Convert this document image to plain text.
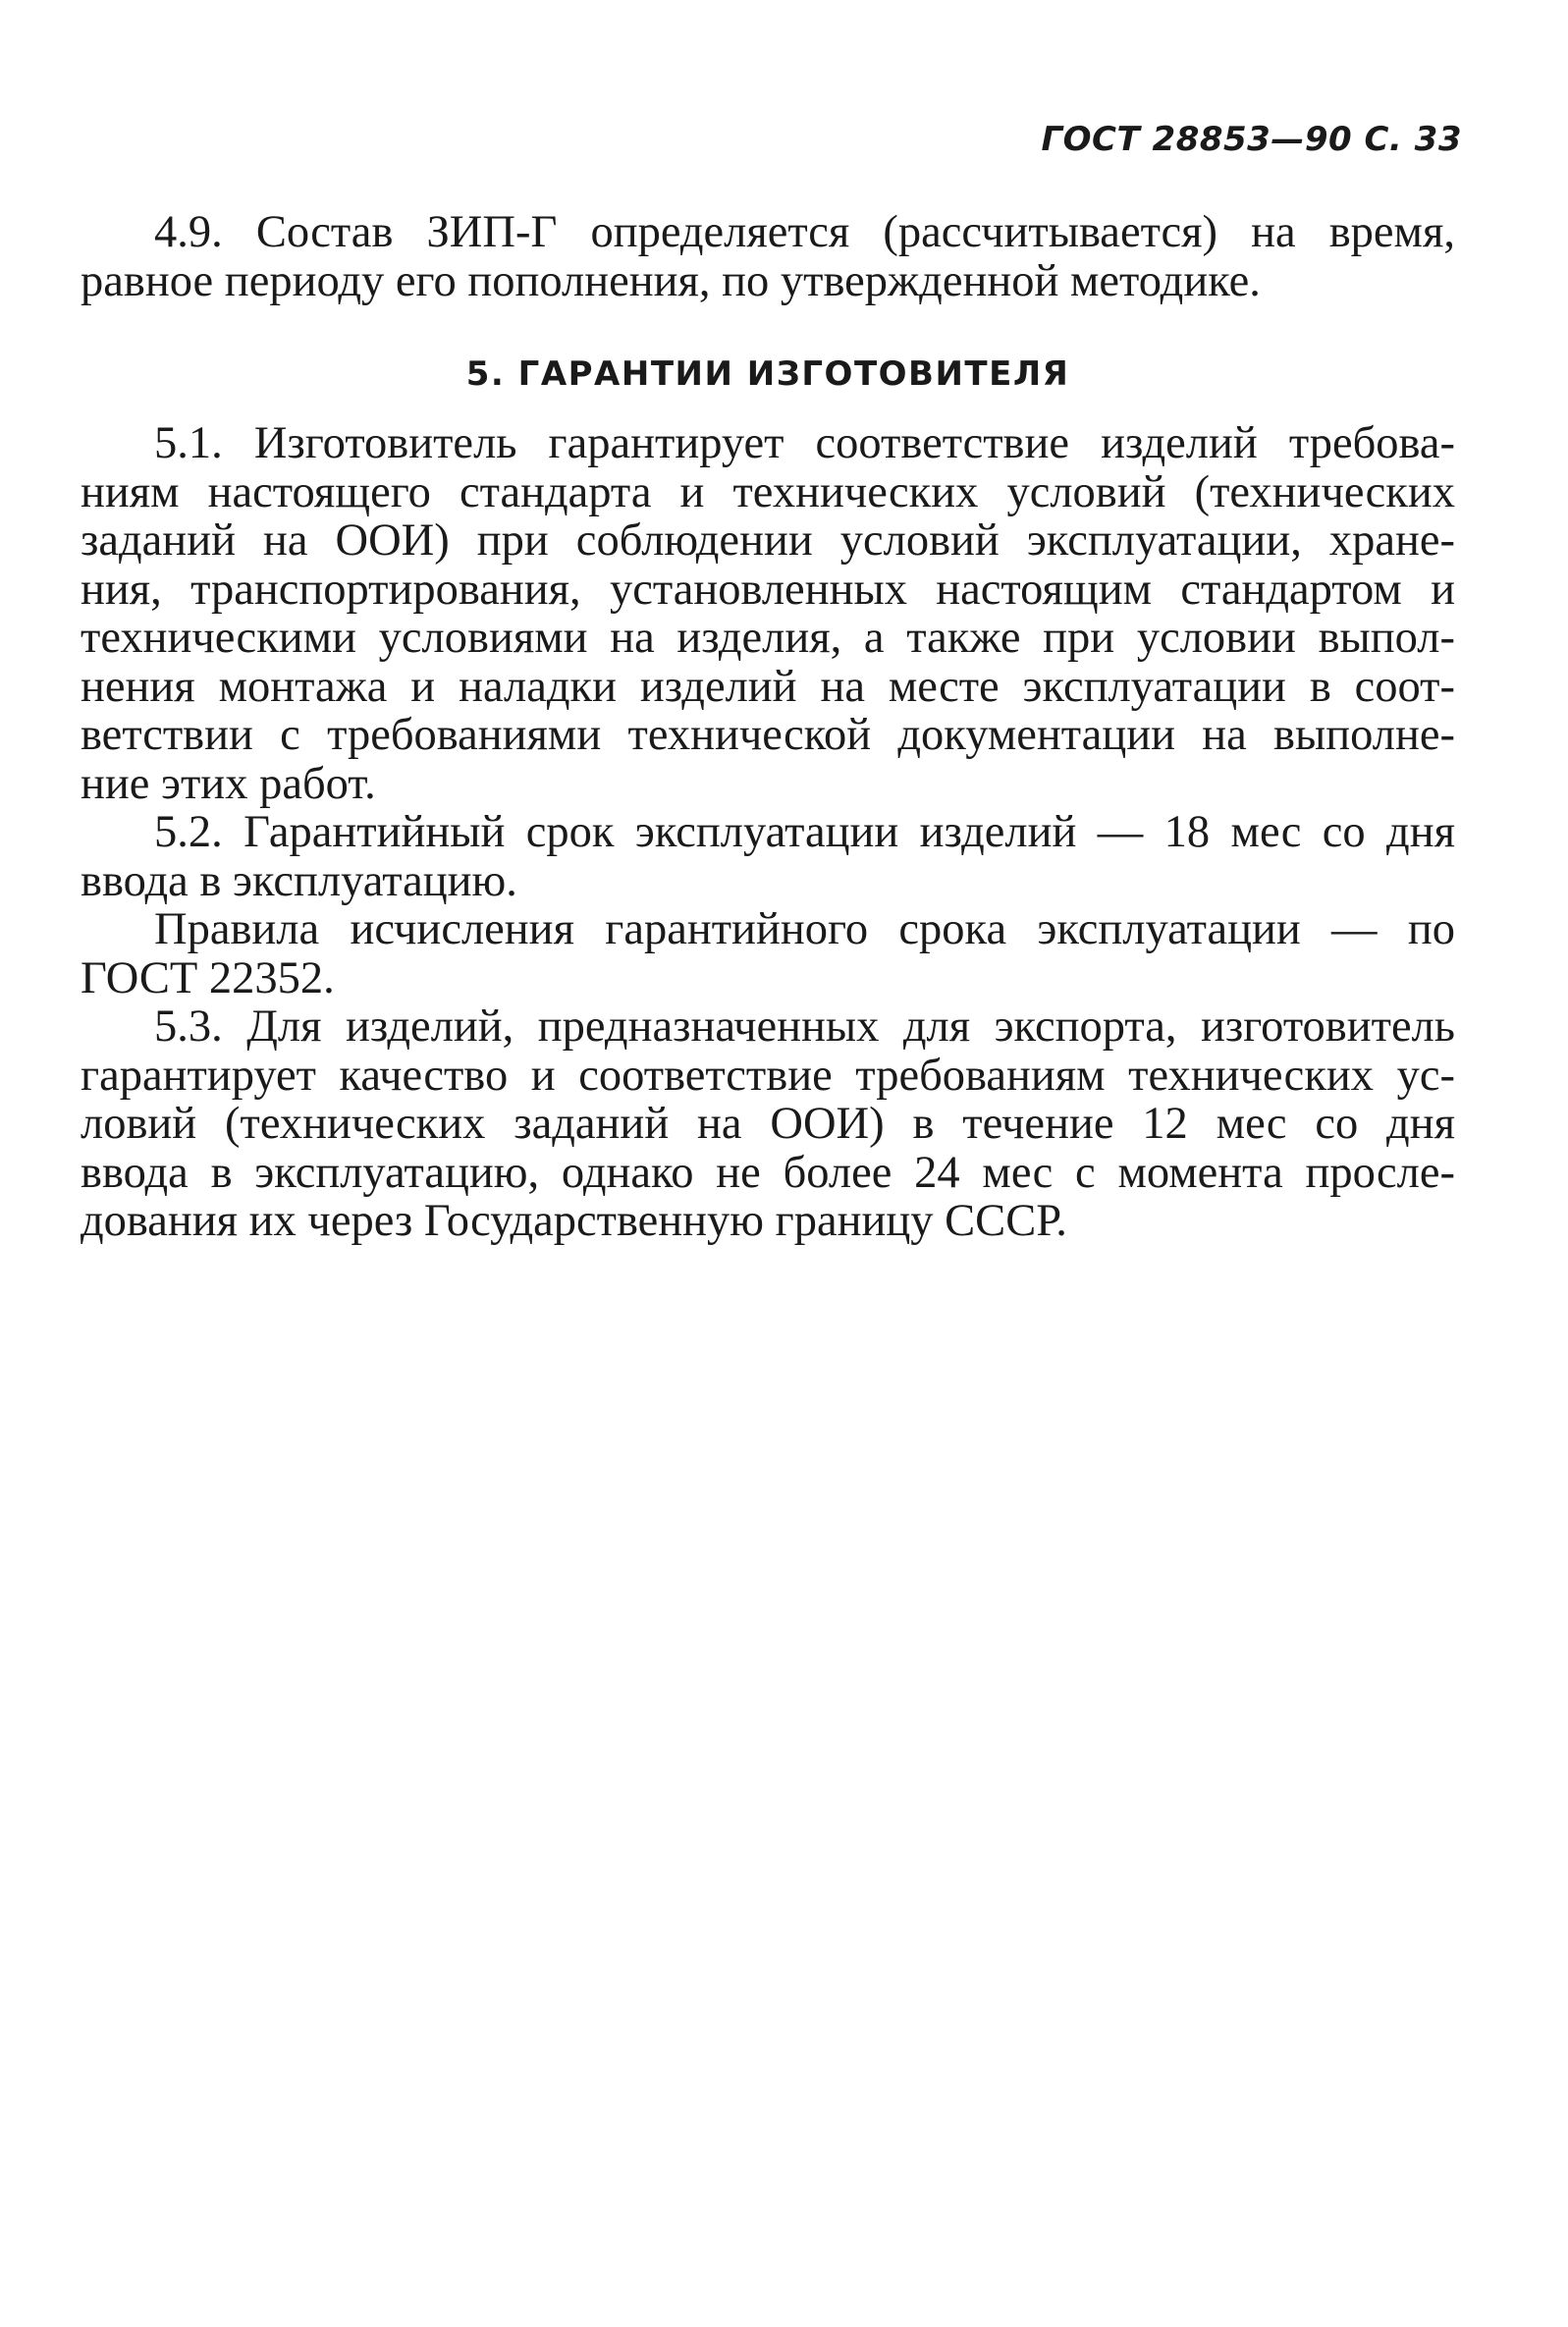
ГОСТ 28853—90 С. 33
4.9. Состав ЗИП-Г определяется (рассчитывается) на время,
равное периоду его пополнения, по утвержденной методике.
5. ГАРАНТИИ ИЗГОТОВИТЕЛЯ
5.1. Изготовитель гарантирует соответствие изделий требова-
ниям настоящего стандарта и технических условий (технических
заданий на ООИ) при соблюдении условий эксплуатации, хране-
ния, транспортирования, установленных настоящим стандартом и
техническими условиями на изделия, а также при условии выпол-
нения монтажа и наладки изделий на месте эксплуатации в соот-
ветствии с требованиями технической документации на выполне-
ние этих работ.
5.2. Гарантийный срок эксплуатации изделий — 18 мес со дня
ввода в эксплуатацию.
Правила исчисления гарантийного срока эксплуатации — по
ГОСТ 22352.
5.3. Для изделий, предназначенных для экспорта, изготовитель
гарантирует качество и соответствие требованиям технических ус-
ловий (технических заданий на ООИ) в течение 12 мес со дня
ввода в эксплуатацию, однако не более 24 мес с момента просле-
дования их через Государственную границу СССР.
